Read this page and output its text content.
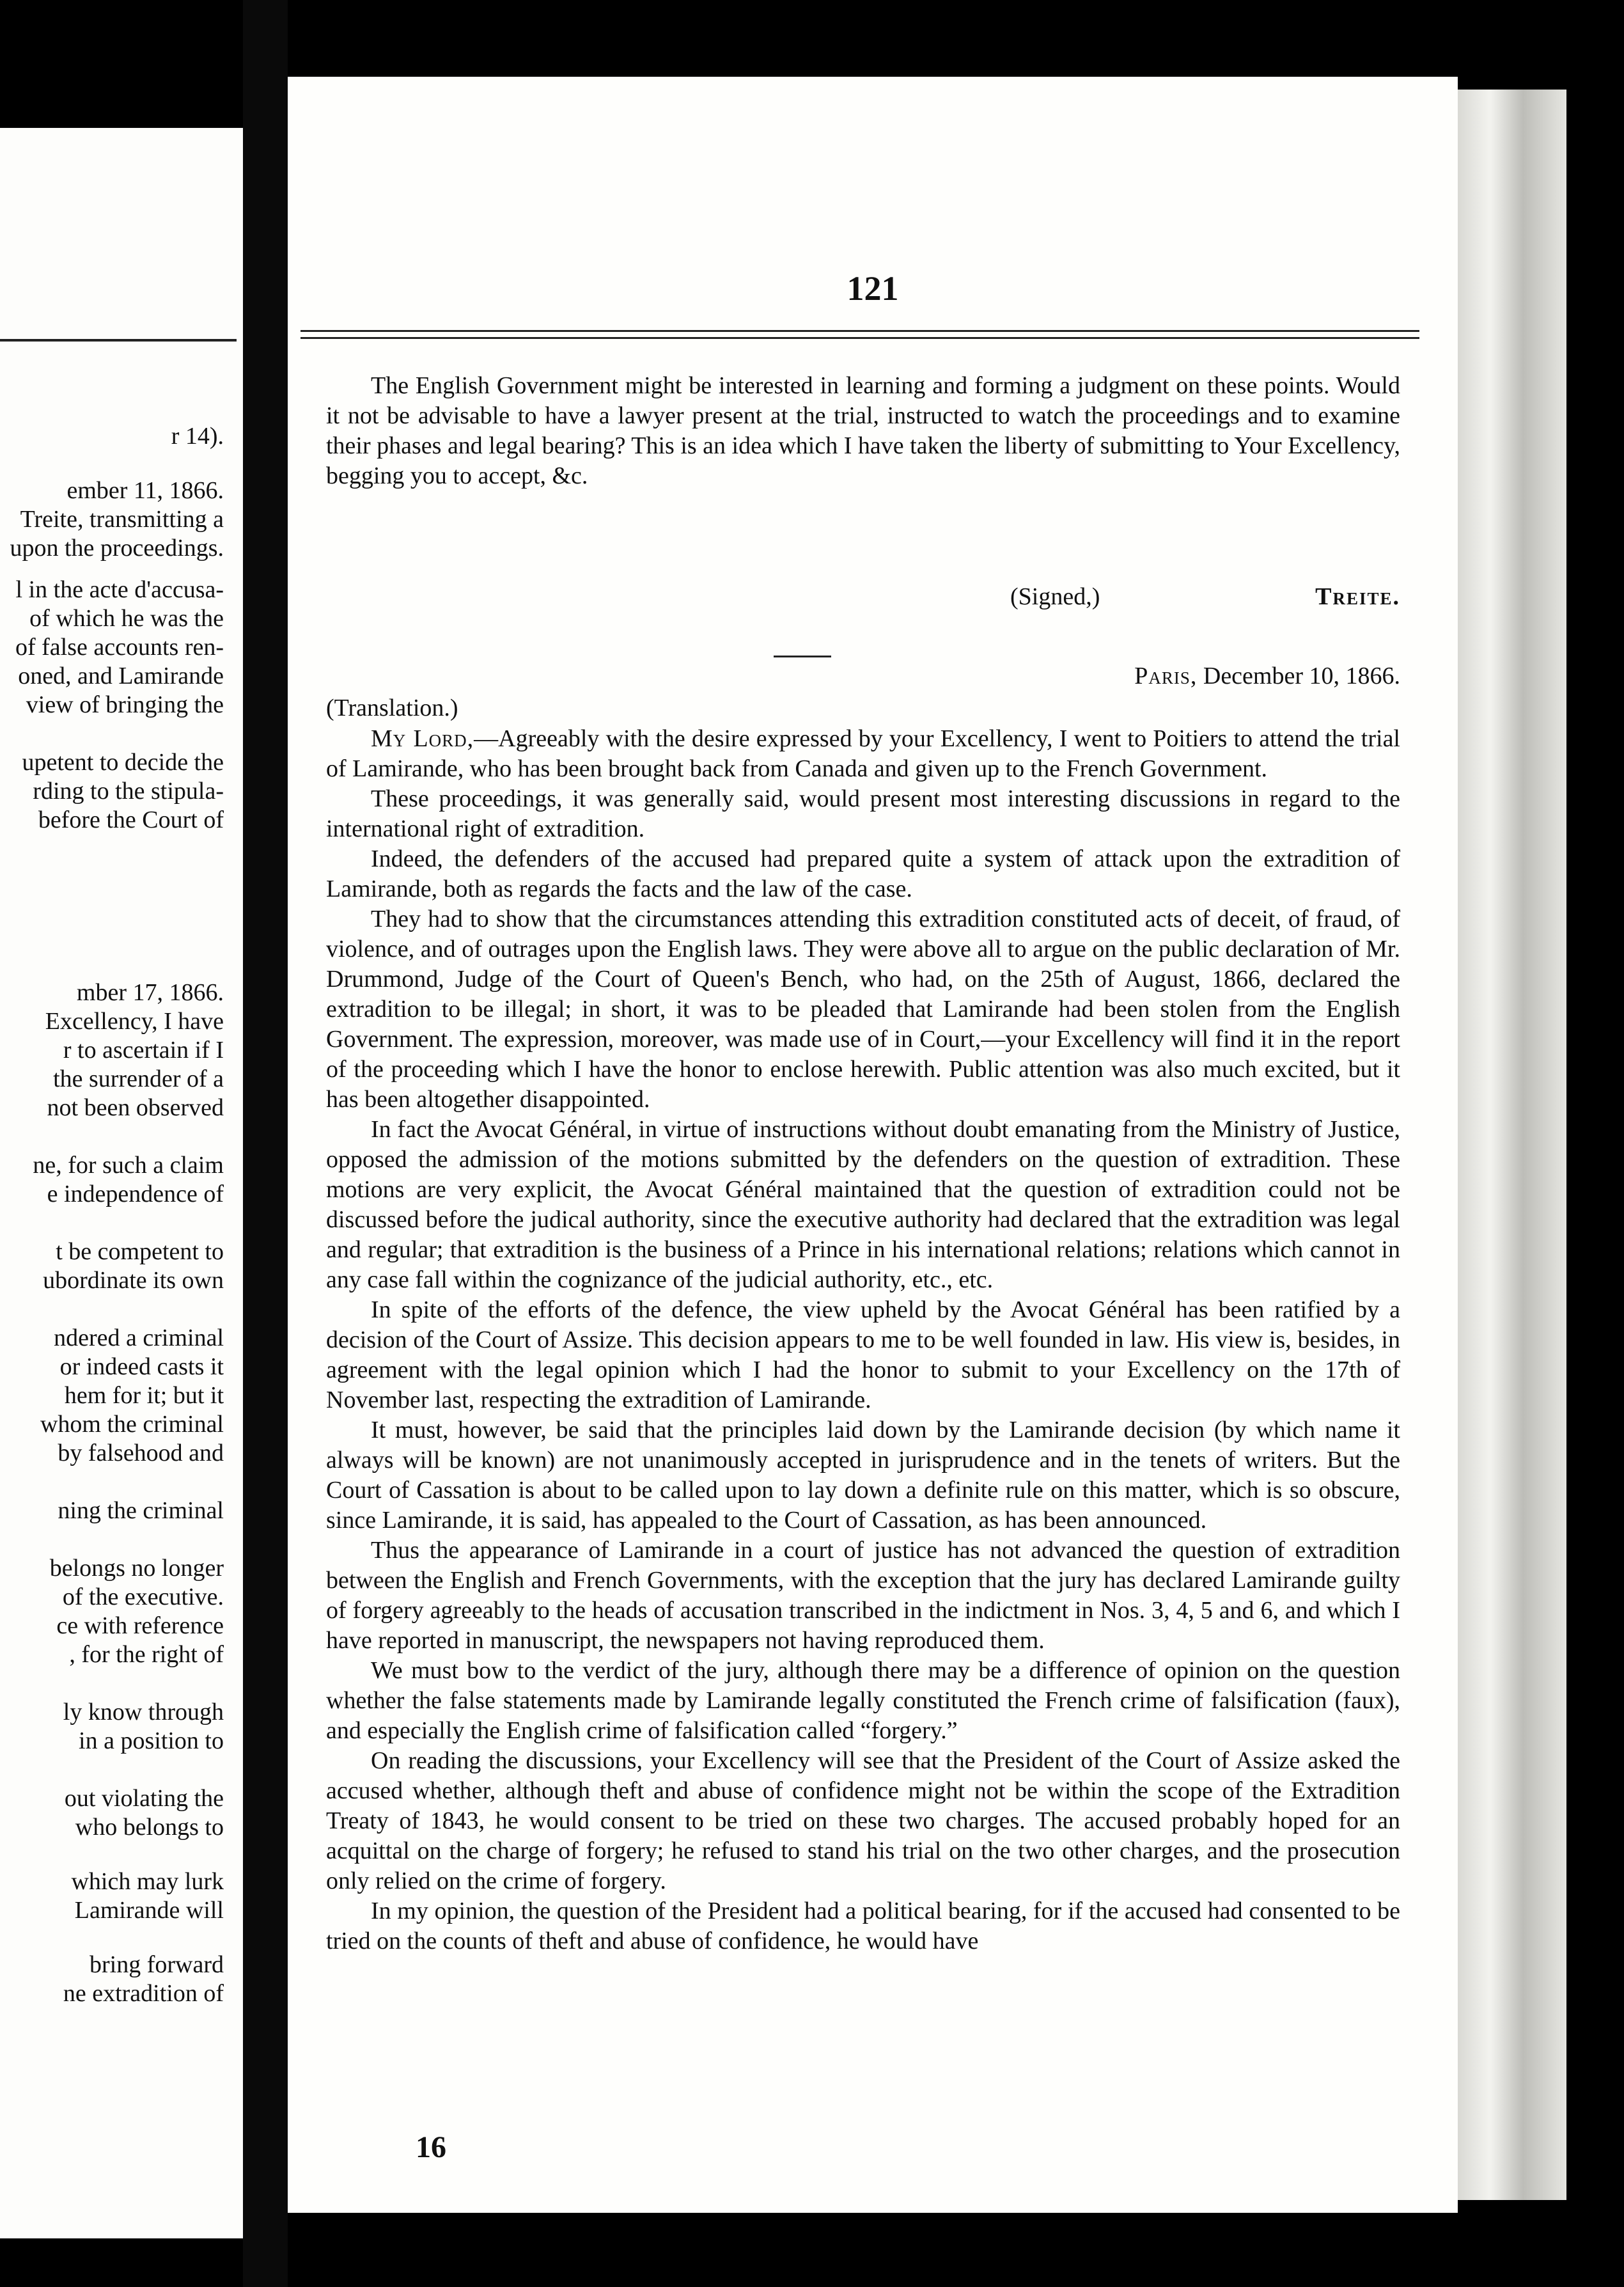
r 14).
ember 11, 1866.
Treite, transmitting a
upon the proceedings.
l in the acte d'accusa-
of which he was the
of false accounts ren-
oned, and Lamirande
view of bringing the
upetent to decide the
rding to the stipula-
before the Court of
mber 17, 1866.
Excellency, I have
r to ascertain if I
the surrender of a
not been observed
ne, for such a claim
e independence of
t be competent to
ubordinate its own
ndered a criminal
or indeed casts it
hem for it; but it
whom the criminal
by falsehood and
ning the criminal
belongs no longer
of the executive.
ce with reference
, for the right of
ly know through
in a position to
out violating the
who belongs to
which may lurk
Lamirande will
bring forward
ne extradition of
121

The English Government might be interested in learning and forming a judgment on these points. Would it not be advisable to have a lawyer present at the trial, instructed to watch the proceedings and to examine their phases and legal bearing? This is an idea which I have taken the liberty of submitting to Your Excellency, begging you to accept, &c.

(Signed,)	Treite.
Paris, December 10, 1866.
(Translation.)

My Lord,—Agreeably with the desire expressed by your Excellency, I went to Poitiers to attend the trial of Lamirande, who has been brought back from Canada and given up to the French Government.

These proceedings, it was generally said, would present most interesting discussions in regard to the international right of extradition.

Indeed, the defenders of the accused had prepared quite a system of attack upon the extradition of Lamirande, both as regards the facts and the law of the case.

They had to show that the circumstances attending this extradition constituted acts of deceit, of fraud, of violence, and of outrages upon the English laws. They were above all to argue on the public declaration of Mr. Drummond, Judge of the Court of Queen's Bench, who had, on the 25th of August, 1866, declared the extradition to be illegal; in short, it was to be pleaded that Lamirande had been stolen from the English Government. The expression, moreover, was made use of in Court,—your Excellency will find it in the report of the proceeding which I have the honor to enclose herewith. Public attention was also much excited, but it has been altogether disappointed.

In fact the Avocat Général, in virtue of instructions without doubt emanating from the Ministry of Justice, opposed the admission of the motions submitted by the defenders on the question of extradition. These motions are very explicit, the Avocat Général maintained that the question of extradition could not be discussed before the judical authority, since the executive authority had declared that the extradition was legal and regular; that extradition is the business of a Prince in his international relations; relations which cannot in any case fall within the cognizance of the judicial authority, etc., etc.

In spite of the efforts of the defence, the view upheld by the Avocat Général has been ratified by a decision of the Court of Assize. This decision appears to me to be well founded in law. His view is, besides, in agreement with the legal opinion which I had the honor to submit to your Excellency on the 17th of November last, respecting the extradition of Lamirande.

It must, however, be said that the principles laid down by the Lamirande decision (by which name it always will be known) are not unanimously accepted in jurisprudence and in the tenets of writers. But the Court of Cassation is about to be called upon to lay down a definite rule on this matter, which is so obscure, since Lamirande, it is said, has appealed to the Court of Cassation, as has been announced.

Thus the appearance of Lamirande in a court of justice has not advanced the question of extradition between the English and French Governments, with the exception that the jury has declared Lamirande guilty of forgery agreeably to the heads of accusation transcribed in the indictment in Nos. 3, 4, 5 and 6, and which I have reported in manuscript, the newspapers not having reproduced them.

We must bow to the verdict of the jury, although there may be a difference of opinion on the question whether the false statements made by Lamirande legally constituted the French crime of falsification (faux), and especially the English crime of falsification called “forgery.”

On reading the discussions, your Excellency will see that the President of the Court of Assize asked the accused whether, although theft and abuse of confidence might not be within the scope of the Extradition Treaty of 1843, he would consent to be tried on these two charges. The accused probably hoped for an acquittal on the charge of forgery; he refused to stand his trial on the two other charges, and the prosecution only relied on the crime of forgery.

In my opinion, the question of the President had a political bearing, for if the accused had consented to be tried on the counts of theft and abuse of confidence, he would have

16
